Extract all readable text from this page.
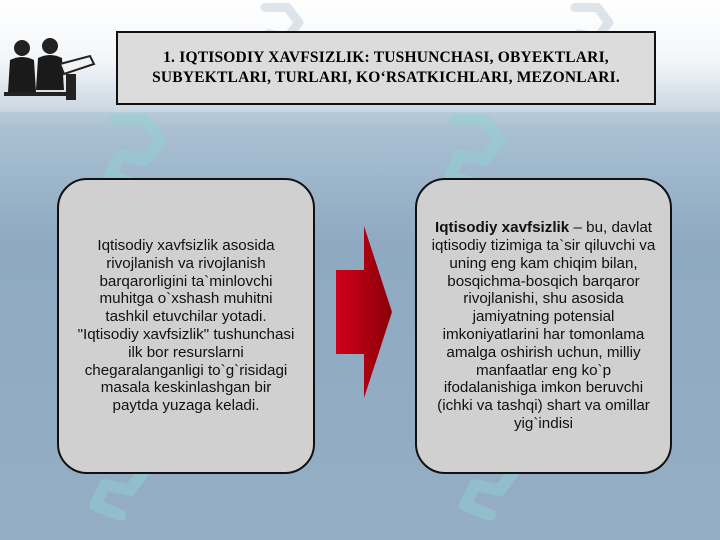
1. IQTISODIY XAVFSIZLIK: TUSHUNCHASI, OBYEKTLARI, SUBYEKTLARI, TURLARI, KO‘RSATKICHLARI, MEZONLARI.

Iqtisodiy xavfsizlik asosida rivojlanish va rivojlanish barqarorligini ta`minlovchi muhitga o`xshash muhitni tashkil etuvchilar yotadi. "Iqtisodiy xavfsizlik" tushunchasi ilk bor resurslarni chegaralanganligi to`g`risidagi masala keskinlashgan bir paytda yuzaga keladi.

Iqtisodiy xavfsizlik – bu, davlat iqtisodiy tizimiga ta`sir qiluvchi va uning eng kam chiqim bilan, bosqichma-bosqich barqaror rivojlanishi, shu asosida jamiyatning potensial imkoniyatlarini har tomonlama amalga oshirish uchun, milliy manfaatlar eng ko`p ifodalanishiga imkon beruvchi (ichki va tashqi) shart va omillar yig`indisi
